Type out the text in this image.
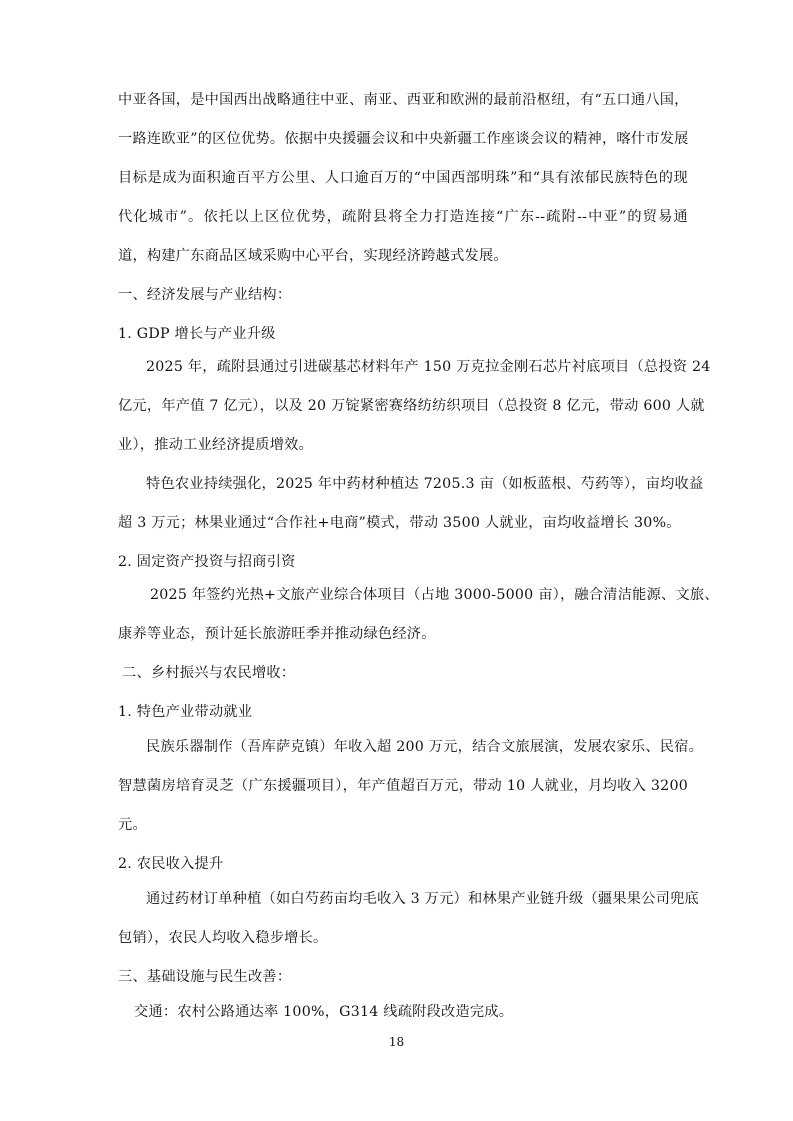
中亚各国，是中国西出战略通往中亚、南亚、西亚和欧洲的最前沿枢纽，有“五口通八国，
一路连欧亚”的区位优势。依据中央援疆会议和中央新疆工作座谈会议的精神，喀什市发展
目标是成为面积逾百平方公里、人口逾百万的“中国西部明珠”和“具有浓郁民族特色的现
代化城市”。依托以上区位优势，疏附县将全力打造连接“广东--疏附--中亚”的贸易通
道，构建广东商品区域采购中心平台，实现经济跨越式发展。
一、经济发展与产业结构：
1. GDP 增长与产业升级
2025 年，疏附县通过引进碳基芯材料年产 150 万克拉金刚石芯片衬底项目（总投资 24
亿元，年产值 7 亿元），以及 20 万锭紧密赛络纺纺织项目（总投资 8 亿元，带动 600 人就
业），推动工业经济提质增效。
特色农业持续强化，2025 年中药材种植达 7205.3 亩（如板蓝根、芍药等），亩均收益
超 3 万元；林果业通过“合作社+电商”模式，带动 3500 人就业，亩均收益增长 30%。
2. 固定资产投资与招商引资
2025 年签约光热+文旅产业综合体项目（占地 3000-5000 亩），融合清洁能源、文旅、
康养等业态，预计延长旅游旺季并推动绿色经济。
二、乡村振兴与农民增收：
1. 特色产业带动就业
民族乐器制作（吾库萨克镇）年收入超 200 万元，结合文旅展演，发展农家乐、民宿。
智慧菌房培育灵芝（广东援疆项目），年产值超百万元，带动 10 人就业，月均收入 3200
元。
2. 农民收入提升
通过药材订单种植（如白芍药亩均毛收入 3 万元）和林果产业链升级（疆果果公司兜底
包销），农民人均收入稳步增长。
三、基础设施与民生改善：
交通：农村公路通达率 100%，G314 线疏附段改造完成。
18
